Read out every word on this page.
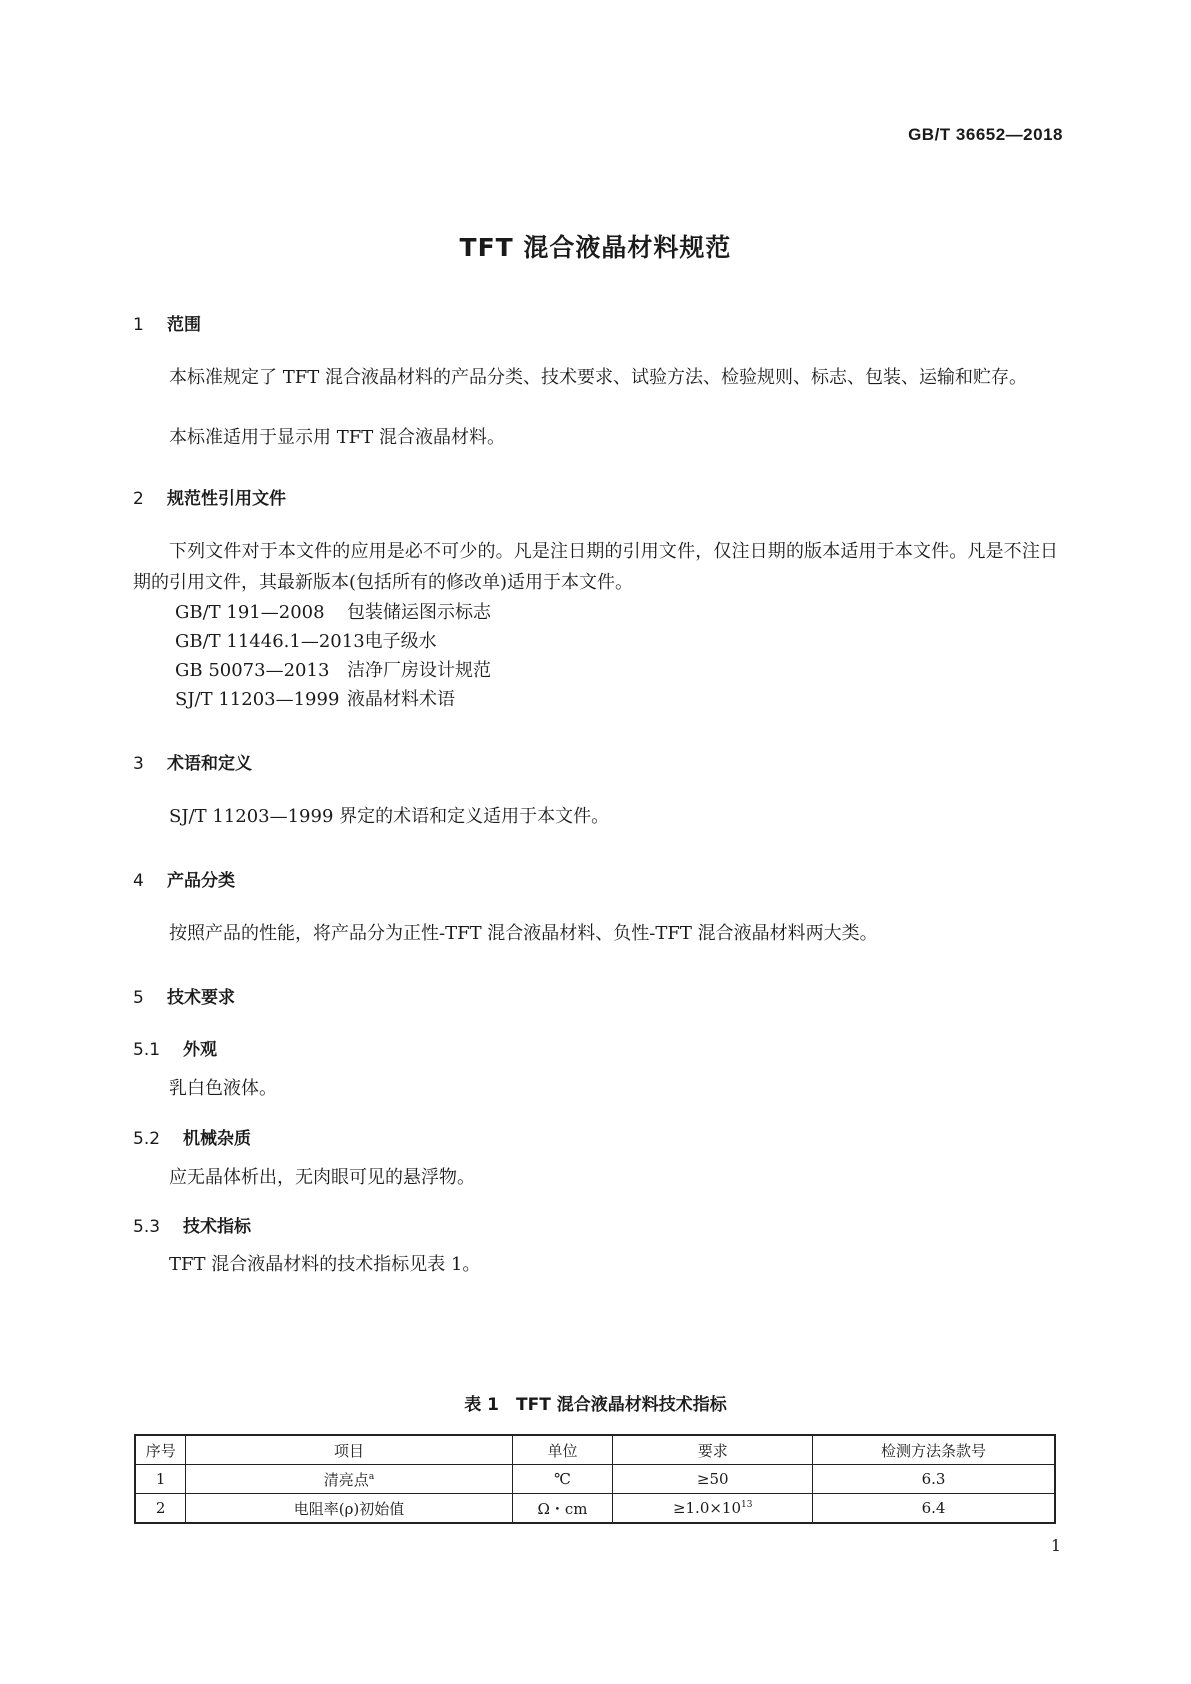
GB/T 36652—2018
TFT 混合液晶材料规范
1 范围
本标准规定了 TFT 混合液晶材料的产品分类、技术要求、试验方法、检验规则、标志、包装、运输和贮存。
本标准适用于显示用 TFT 混合液晶材料。
2 规范性引用文件
下列文件对于本文件的应用是必不可少的。凡是注日期的引用文件，仅注日期的版本适用于本文件。凡是不注日期的引用文件，其最新版本(包括所有的修改单)适用于本文件。
GB/T 191—2008 包装储运图示标志
GB/T 11446.1—2013电子级水
GB 50073—2013 洁净厂房设计规范
SJ/T 11203—1999 液晶材料术语
3 术语和定义
SJ/T 11203—1999 界定的术语和定义适用于本文件。
4 产品分类
按照产品的性能，将产品分为正性-TFT 混合液晶材料、负性-TFT 混合液晶材料两大类。
5 技术要求
5.1 外观
乳白色液体。
5.2 机械杂质
应无晶体析出，无肉眼可见的悬浮物。
5.3 技术指标
TFT 混合液晶材料的技术指标见表 1。
表 1　TFT 混合液晶材料技术指标
序号	项目	单位	要求	检测方法条款号
1	清亮点$^a$	℃	≥50	6.3
2	电阻率(ρ)初始值	Ω・cm	$\ge 1.0\times 10^{13}$	6.4
1
